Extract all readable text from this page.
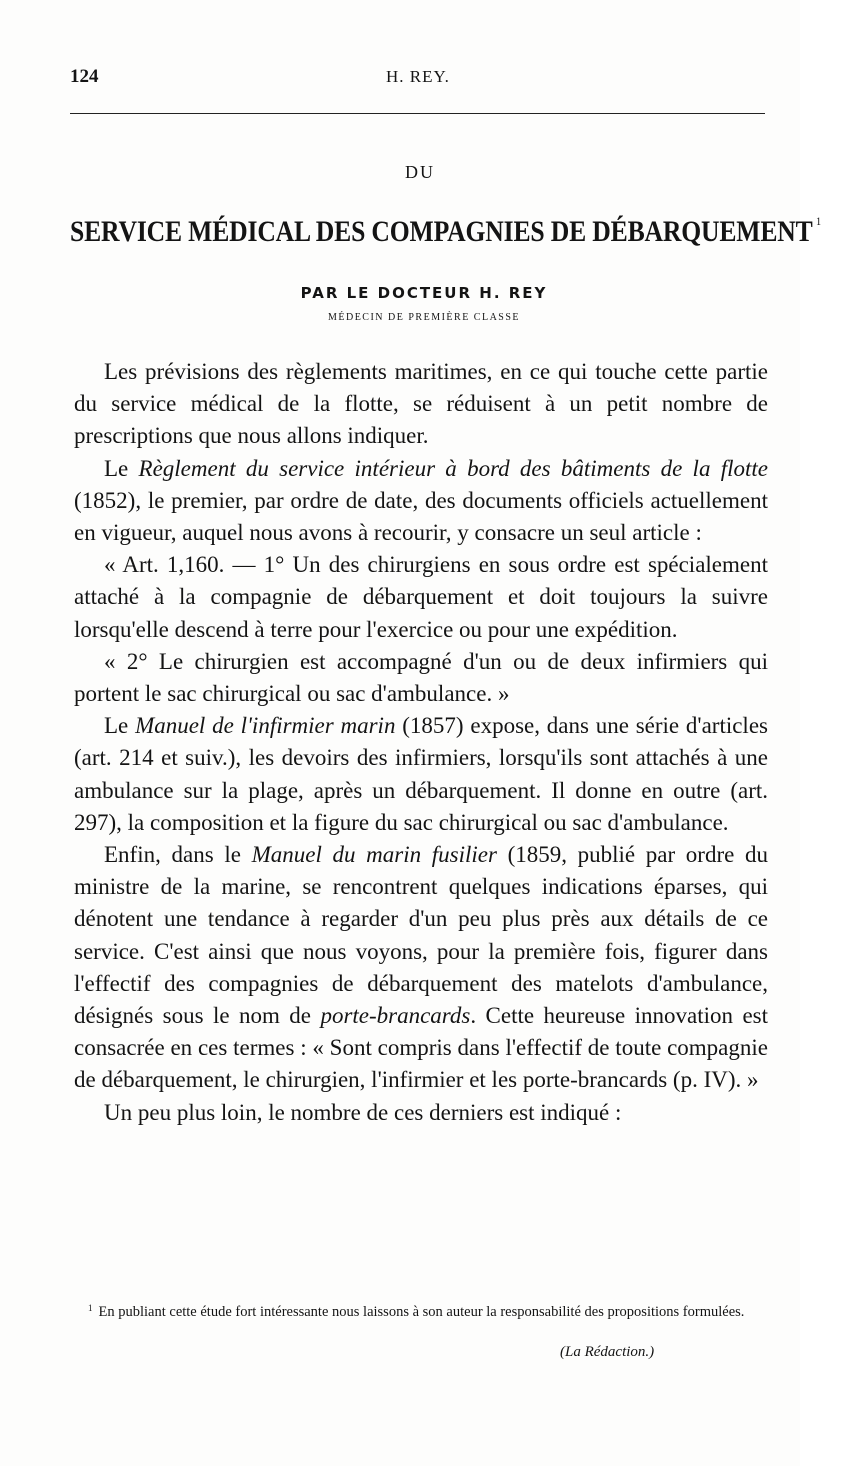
124	H. REY.
DU
SERVICE MÉDICAL DES COMPAGNIES DE DÉBARQUEMENT $^1$
PAR LE DOCTEUR H. REY
MÉDECIN DE PREMIÈRE CLASSE

Les prévisions des règlements maritimes, en ce qui touche cette partie du service médical de la flotte, se réduisent à un petit nombre de prescriptions que nous allons indiquer.

Le Règlement du service intérieur à bord des bâtiments de la flotte (1852), le premier, par ordre de date, des documents officiels actuellement en vigueur, auquel nous avons à recourir, y consacre un seul article :

« Art. 1,160. — 1° Un des chirurgiens en sous ordre est spécialement attaché à la compagnie de débarquement et doit toujours la suivre lorsqu'elle descend à terre pour l'exercice ou pour une expédition.

« 2° Le chirurgien est accompagné d'un ou de deux infirmiers qui portent le sac chirurgical ou sac d'ambulance. »

Le Manuel de l'infirmier marin (1857) expose, dans une série d'articles (art. 214 et suiv.), les devoirs des infirmiers, lorsqu'ils sont attachés à une ambulance sur la plage, après un débarquement. Il donne en outre (art. 297), la composition et la figure du sac chirurgical ou sac d'ambulance.

Enfin, dans le Manuel du marin fusilier (1859, publié par ordre du ministre de la marine, se rencontrent quelques indications éparses, qui dénotent une tendance à regarder d'un peu plus près aux détails de ce service. C'est ainsi que nous voyons, pour la première fois, figurer dans l'effectif des compagnies de débarquement des matelots d'ambulance, désignés sous le nom de porte-brancards. Cette heureuse innovation est consacrée en ces termes : « Sont compris dans l'effectif de toute compagnie de débarquement, le chirurgien, l'infirmier et les porte-brancards (p. IV). »

Un peu plus loin, le nombre de ces derniers est indiqué :

$^1$ En publiant cette étude fort intéressante nous laissons à son auteur la responsabilité des propositions formulées.

(La Rédaction.)
